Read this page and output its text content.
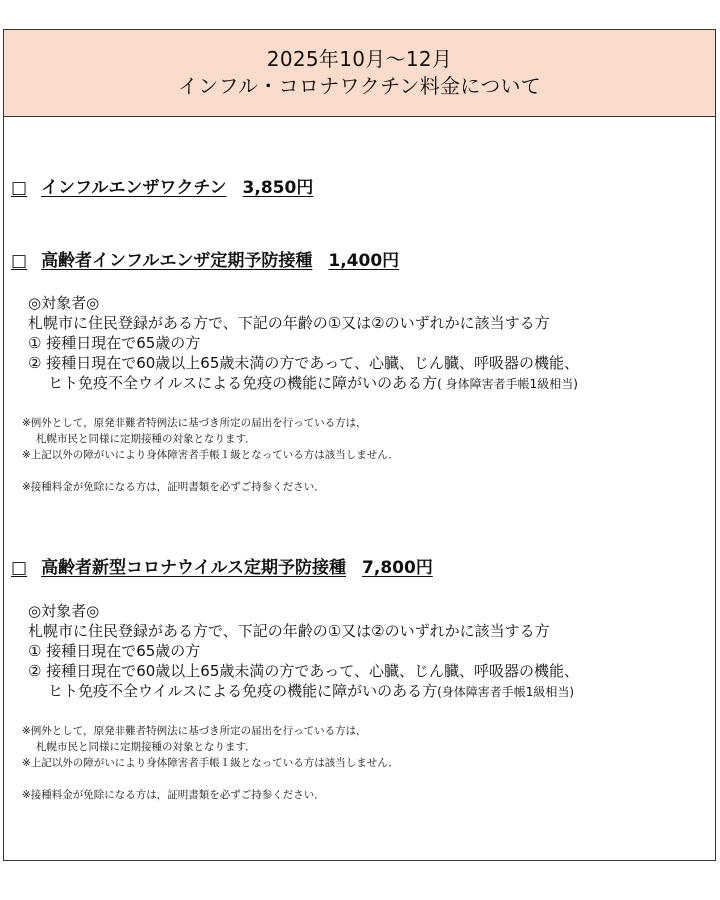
2025年10月〜12月
インフル・コロナワクチン料金について
□ インフルエンザワクチン 3,850円
□ 高齢者インフルエンザ定期予防接種 1,400円
◎対象者◎
札幌市に住民登録がある方で、下記の年齢の①又は②のいずれかに該当する方
① 接種日現在で65歳の方
② 接種日現在で60歳以上65歳未満の方であって、心臓、じん臓、呼吸器の機能、
ヒト免疫不全ウイルスによる免疫の機能に障がいのある方( 身体障害者手帳1級相当)
※例外として，原発非難者特例法に基づき所定の届出を行っている方は，
札幌市民と同様に定期接種の対象となります．
※上記以外の障がいにより身体障害者手帳１級となっている方は該当しません．
※接種料金が免除になる方は，証明書類を必ずご持参ください．
□ 高齢者新型コロナウイルス定期予防接種 7,800円
◎対象者◎
札幌市に住民登録がある方で、下記の年齢の①又は②のいずれかに該当する方
① 接種日現在で65歳の方
② 接種日現在で60歳以上65歳未満の方であって、心臓、じん臓、呼吸器の機能、
ヒト免疫不全ウイルスによる免疫の機能に障がいのある方(身体障害者手帳1級相当)
※例外として，原発非難者特例法に基づき所定の届出を行っている方は，
札幌市民と同様に定期接種の対象となります．
※上記以外の障がいにより身体障害者手帳１級となっている方は該当しません．
※接種料金が免除になる方は，証明書類を必ずご持参ください．
